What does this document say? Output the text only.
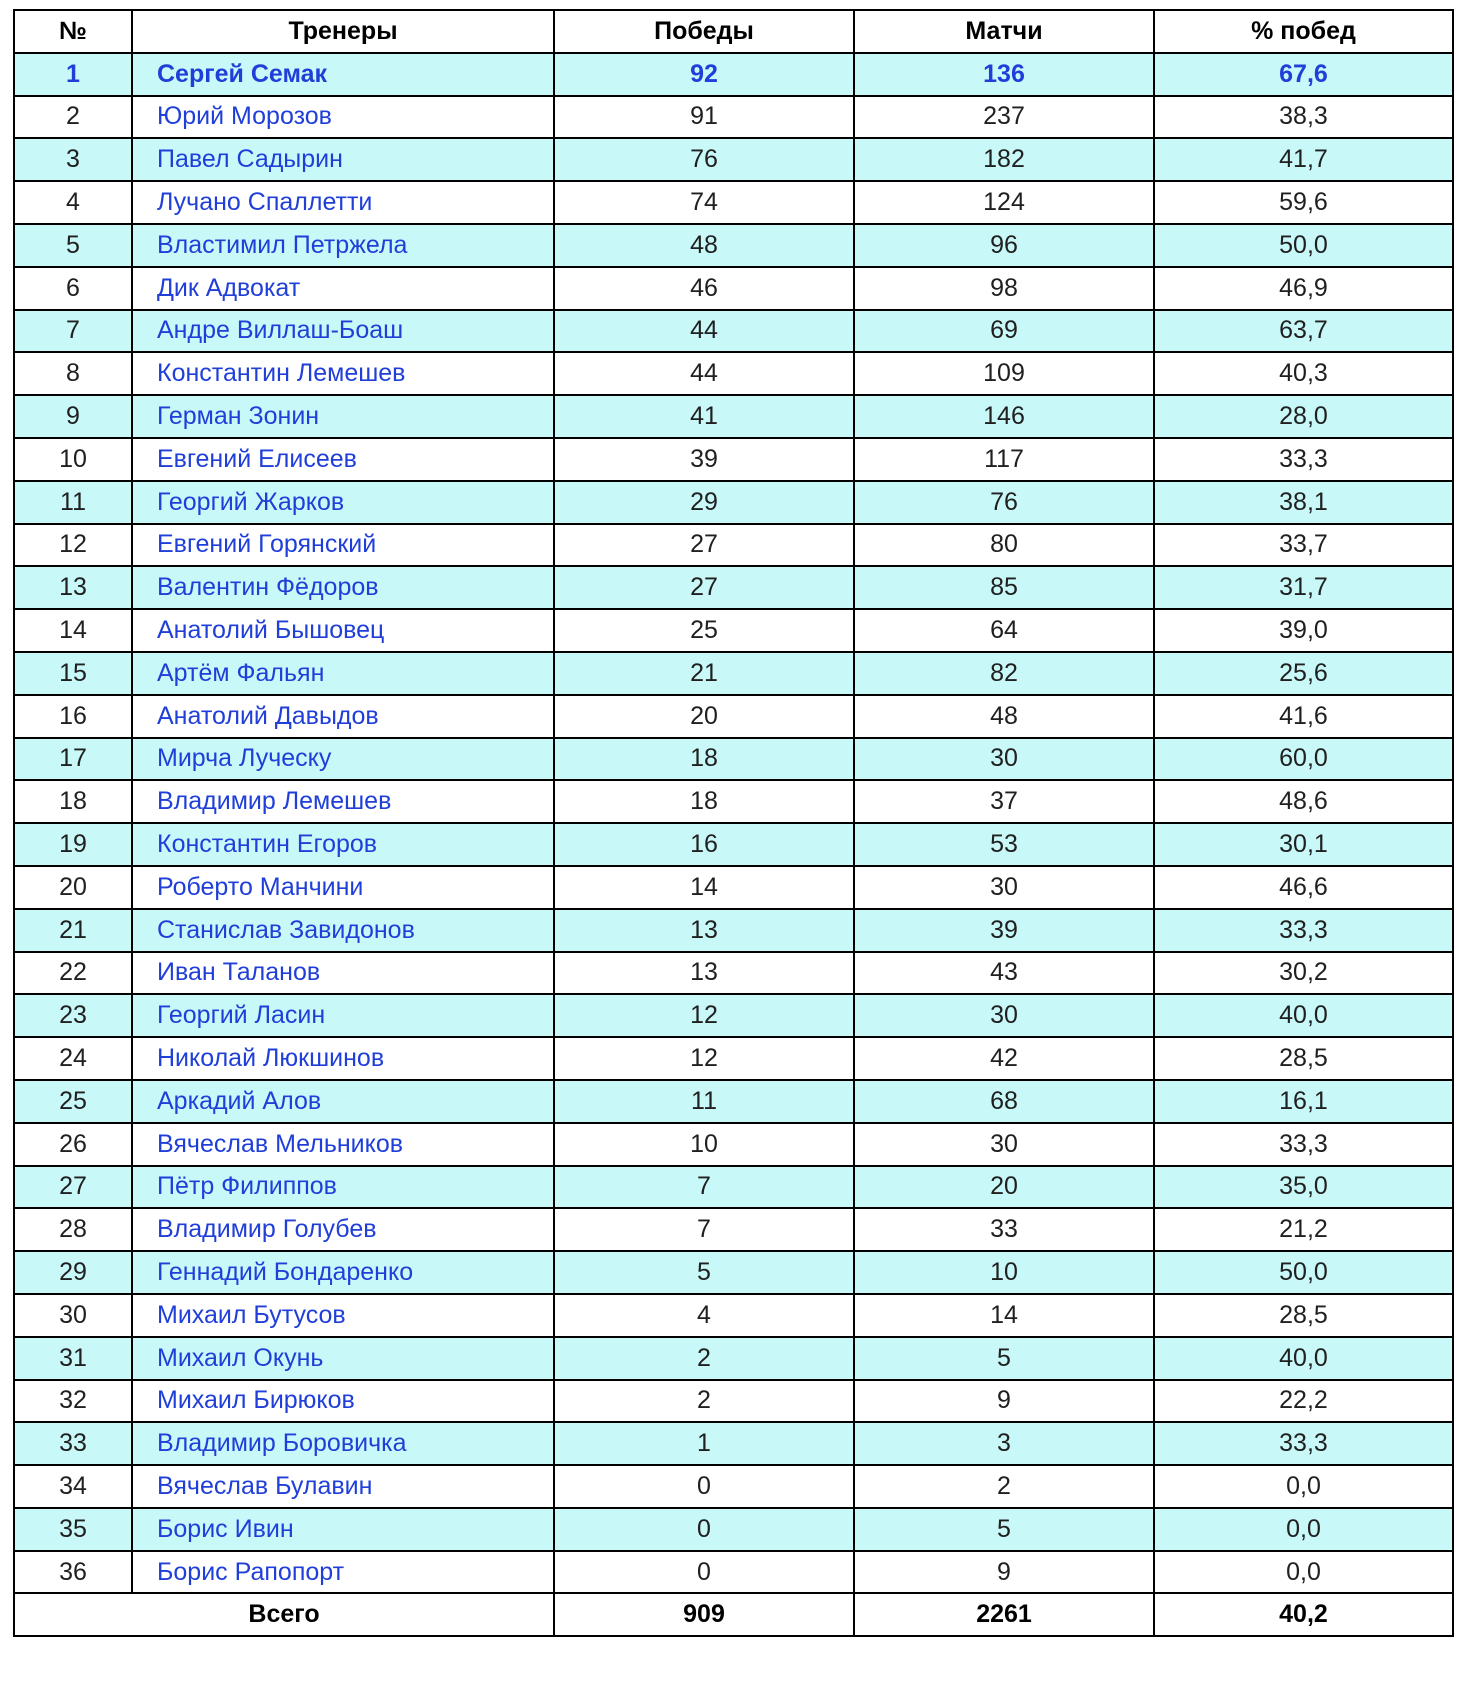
№	Тренеры	Победы	Матчи	% побед
1	Сергей Семак	92	136	67,6
2	Юрий Морозов	91	237	38,3
3	Павел Садырин	76	182	41,7
4	Лучано Спаллетти	74	124	59,6
5	Властимил Петржела	48	96	50,0
6	Дик Адвокат	46	98	46,9
7	Андре Виллаш-Боаш	44	69	63,7
8	Константин Лемешев	44	109	40,3
9	Герман Зонин	41	146	28,0
10	Евгений Елисеев	39	117	33,3
11	Георгий Жарков	29	76	38,1
12	Евгений Горянский	27	80	33,7
13	Валентин Фёдоров	27	85	31,7
14	Анатолий Бышовец	25	64	39,0
15	Артём Фальян	21	82	25,6
16	Анатолий Давыдов	20	48	41,6
17	Мирча Луческу	18	30	60,0
18	Владимир Лемешев	18	37	48,6
19	Константин Егоров	16	53	30,1
20	Роберто Манчини	14	30	46,6
21	Станислав Завидонов	13	39	33,3
22	Иван Таланов	13	43	30,2
23	Георгий Ласин	12	30	40,0
24	Николай Люкшинов	12	42	28,5
25	Аркадий Алов	11	68	16,1
26	Вячеслав Мельников	10	30	33,3
27	Пётр Филиппов	7	20	35,0
28	Владимир Голубев	7	33	21,2
29	Геннадий Бондаренко	5	10	50,0
30	Михаил Бутусов	4	14	28,5
31	Михаил Окунь	2	5	40,0
32	Михаил Бирюков	2	9	22,2
33	Владимир Боровичка	1	3	33,3
34	Вячеслав Булавин	0	2	0,0
35	Борис Ивин	0	5	0,0
36	Борис Рапопорт	0	9	0,0
Всего		909	2261	40,2
